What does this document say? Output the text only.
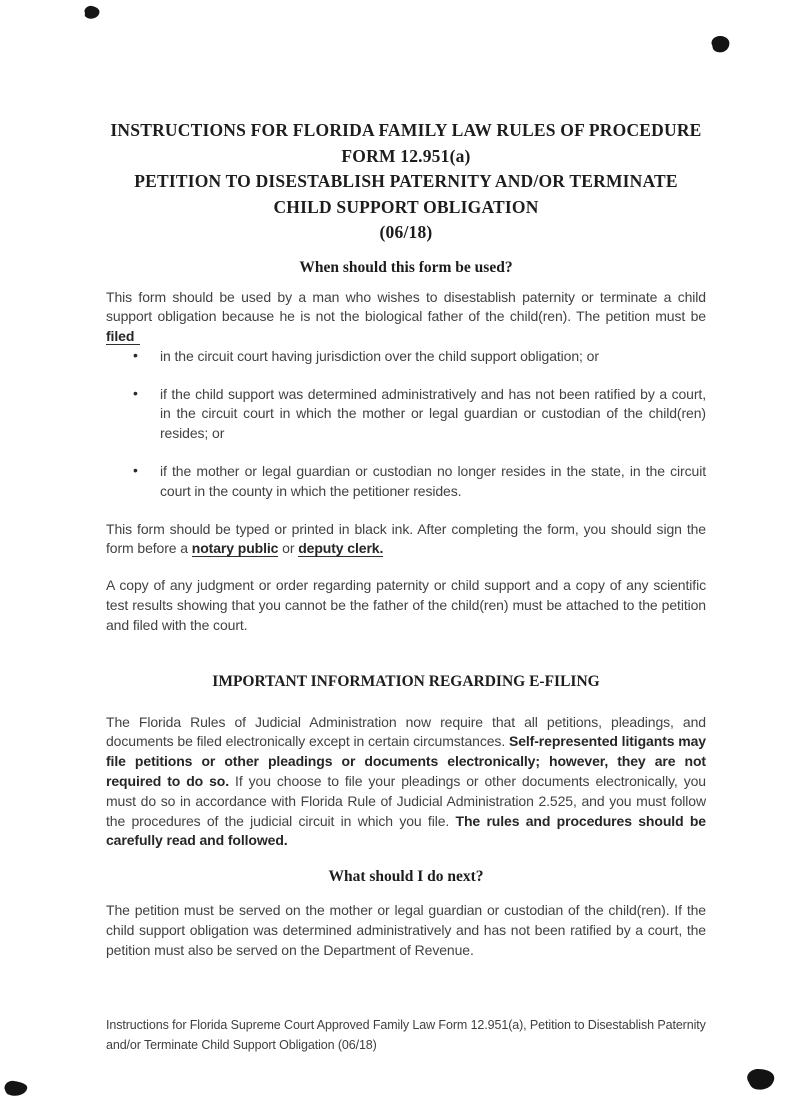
INSTRUCTIONS FOR FLORIDA FAMILY LAW RULES OF PROCEDURE
FORM 12.951(a)
PETITION TO DISESTABLISH PATERNITY AND/OR TERMINATE
CHILD SUPPORT OBLIGATION
(06/18)
When should this form be used?

This form should be used by a man who wishes to disestablish paternity or terminate a child support obligation because he is not the biological father of the child(ren). The petition must be filed

• in the circuit court having jurisdiction over the child support obligation; or
• if the child support was determined administratively and has not been ratified by a court, in the circuit court in which the mother or legal guardian or custodian of the child(ren) resides; or
• if the mother or legal guardian or custodian no longer resides in the state, in the circuit court in the county in which the petitioner resides.

This form should be typed or printed in black ink. After completing the form, you should sign the form before a notary public or deputy clerk.

A copy of any judgment or order regarding paternity or child support and a copy of any scientific test results showing that you cannot be the father of the child(ren) must be attached to the petition and filed with the court.

IMPORTANT INFORMATION REGARDING E-FILING

The Florida Rules of Judicial Administration now require that all petitions, pleadings, and documents be filed electronically except in certain circumstances. Self-represented litigants may file petitions or other pleadings or documents electronically; however, they are not required to do so. If you choose to file your pleadings or other documents electronically, you must do so in accordance with Florida Rule of Judicial Administration 2.525, and you must follow the procedures of the judicial circuit in which you file. The rules and procedures should be carefully read and followed.

What should I do next?

The petition must be served on the mother or legal guardian or custodian of the child(ren). If the child support obligation was determined administratively and has not been ratified by a court, the petition must also be served on the Department of Revenue.

Instructions for Florida Supreme Court Approved Family Law Form 12.951(a), Petition to Disestablish Paternity and/or Terminate Child Support Obligation (06/18)
